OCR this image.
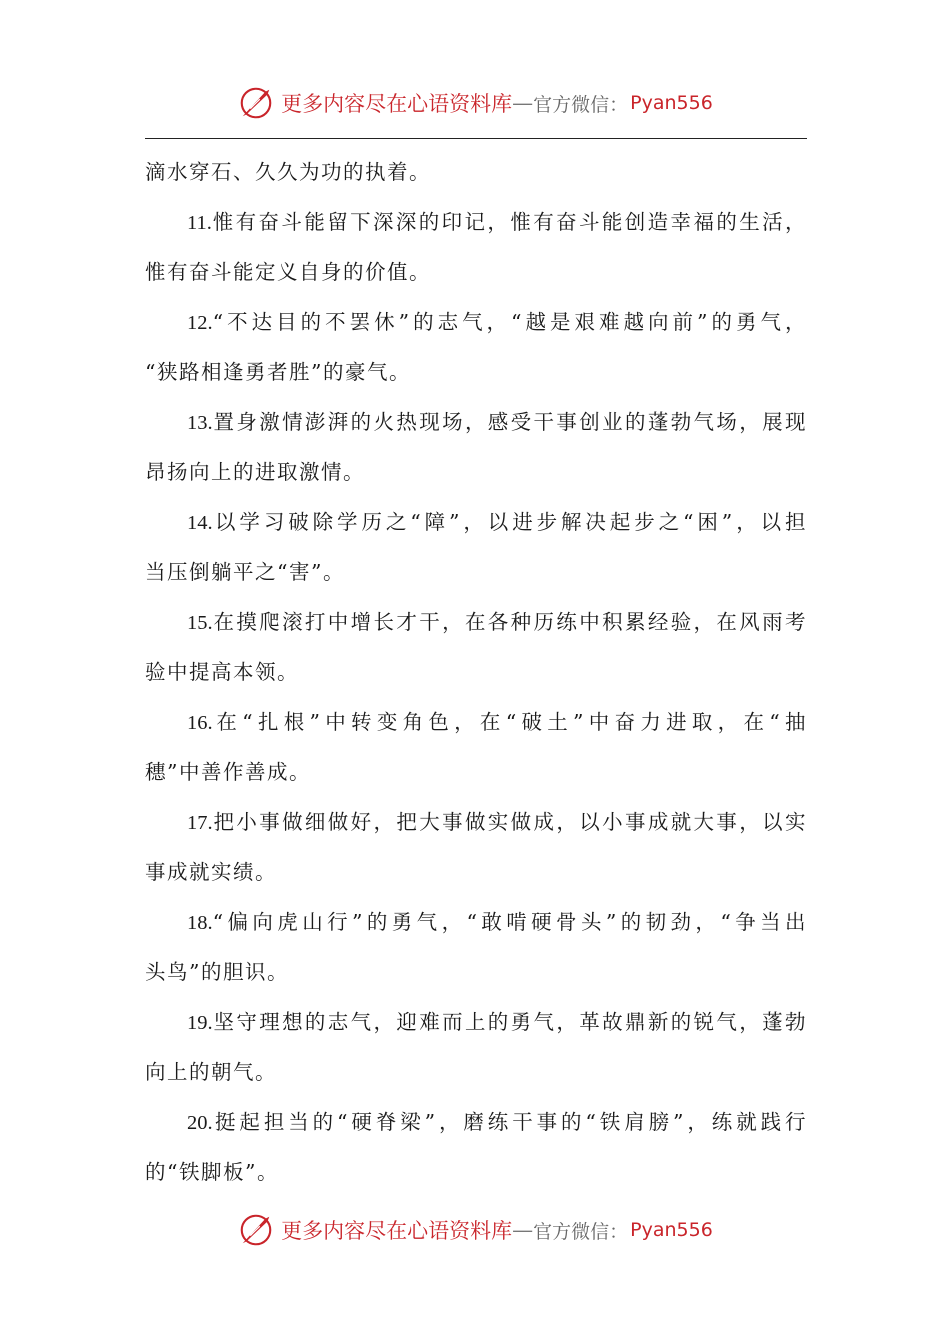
更多内容尽在心语资料库 — 官方微信： Pyan556
滴水穿石、久久为功的执着。
11.惟有奋斗能留下深深的印记，惟有奋斗能创造幸福的生活，
惟有奋斗能定义自身的价值。
12.“不达目的不罢休”的志气，“越是艰难越向前”的勇气，
“狭路相逢勇者胜”的豪气。
13.置身激情澎湃的火热现场，感受干事创业的蓬勃气场，展现
昂扬向上的进取激情。
14.以学习破除学历之“障”，以进步解决起步之“困”，以担
当压倒躺平之“害”。
15.在摸爬滚打中增长才干，在各种历练中积累经验，在风雨考
验中提高本领。
16.在“扎根”中转变角色，在“破土”中奋力进取，在“抽
穗”中善作善成。
17.把小事做细做好，把大事做实做成，以小事成就大事，以实
事成就实绩。
18.“偏向虎山行”的勇气，“敢啃硬骨头”的韧劲，“争当出
头鸟”的胆识。
19.坚守理想的志气，迎难而上的勇气，革故鼎新的锐气，蓬勃
向上的朝气。
20.挺起担当的“硬脊梁”，磨练干事的“铁肩膀”，练就践行
的“铁脚板”。
更多内容尽在心语资料库 — 官方微信： Pyan556
